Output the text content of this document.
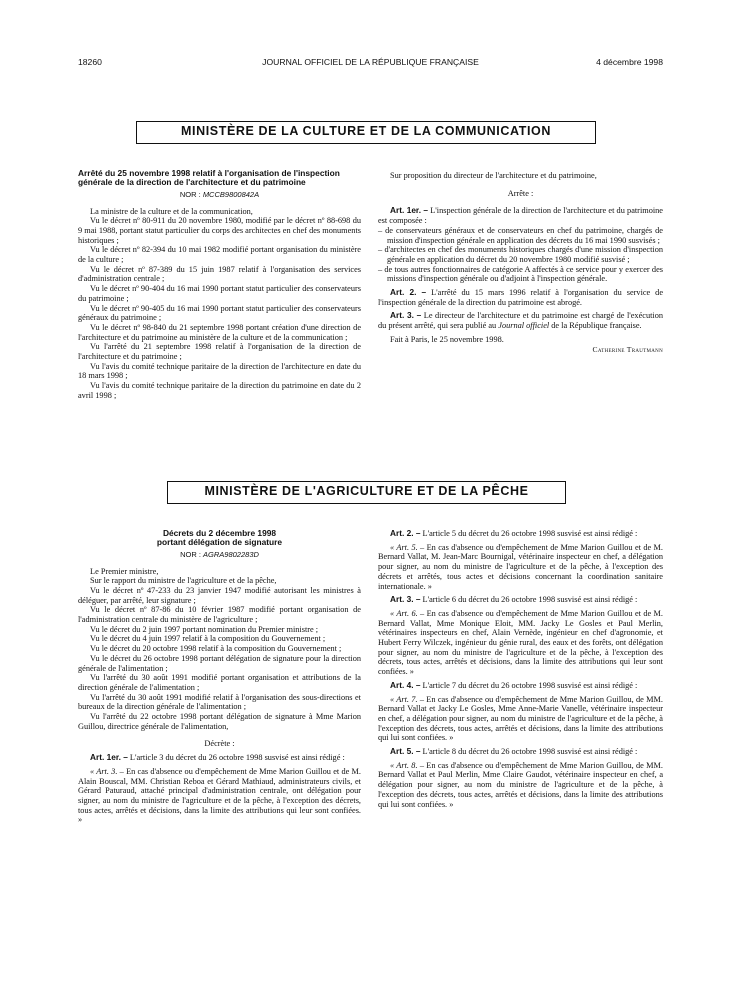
18260	JOURNAL OFFICIEL DE LA RÉPUBLIQUE FRANÇAISE	4 décembre 1998
MINISTÈRE DE LA CULTURE ET DE LA COMMUNICATION

Arrêté du 25 novembre 1998 relatif à l'organisation de l'inspection générale de la direction de l'architecture et du patrimoine

NOR : MCCB9800842A

La ministre de la culture et de la communication,

Vu le décret nº 80-911 du 20 novembre 1980, modifié par le décret nº 88-698 du 9 mai 1988, portant statut particulier du corps des architectes en chef des monuments historiques ;

Vu le décret nº 82-394 du 10 mai 1982 modifié portant organisation du ministère de la culture ;

Vu le décret nº 87-389 du 15 juin 1987 relatif à l'organisation des services d'administration centrale ;

Vu le décret nº 90-404 du 16 mai 1990 portant statut particulier des conservateurs du patrimoine ;

Vu le décret nº 90-405 du 16 mai 1990 portant statut particulier des conservateurs généraux du patrimoine ;

Vu le décret nº 98-840 du 21 septembre 1998 portant création d'une direction de l'architecture et du patrimoine au ministère de la culture et de la communication ;

Vu l'arrêté du 21 septembre 1998 relatif à l'organisation de la direction de l'architecture et du patrimoine ;

Vu l'avis du comité technique paritaire de la direction de l'architecture en date du 18 mars 1998 ;

Vu l'avis du comité technique paritaire de la direction du patrimoine en date du 2 avril 1998 ;

Sur proposition du directeur de l'architecture et du patrimoine,

Arrête :

Art. 1er. – L'inspection générale de la direction de l'architecture et du patrimoine est composée :

– de conservateurs généraux et de conservateurs en chef du patrimoine, chargés de mission d'inspection générale en application des décrets du 16 mai 1990 susvisés ;

– d'architectes en chef des monuments historiques chargés d'une mission d'inspection générale en application du décret du 20 novembre 1980 modifié susvisé ;

– de tous autres fonctionnaires de catégorie A affectés à ce service pour y exercer des missions d'inspection générale ou d'adjoint à l'inspection générale.

Art. 2. – L'arrêté du 15 mars 1996 relatif à l'organisation du service de l'inspection générale de la direction du patrimoine est abrogé.

Art. 3. – Le directeur de l'architecture et du patrimoine est chargé de l'exécution du présent arrêté, qui sera publié au Journal officiel de la République française.

Fait à Paris, le 25 novembre 1998.

Catherine Trautmann

MINISTÈRE DE L'AGRICULTURE ET DE LA PÊCHE

Décrets du 2 décembre 1998

portant délégation de signature

NOR : AGRA9802283D

Le Premier ministre,

Sur le rapport du ministre de l'agriculture et de la pêche,

Vu le décret nº 47-233 du 23 janvier 1947 modifié autorisant les ministres à déléguer, par arrêté, leur signature ;

Vu le décret nº 87-86 du 10 février 1987 modifié portant organisation de l'administration centrale du ministère de l'agriculture ;

Vu le décret du 2 juin 1997 portant nomination du Premier ministre ;

Vu le décret du 4 juin 1997 relatif à la composition du Gouvernement ;

Vu le décret du 20 octobre 1998 relatif à la composition du Gouvernement ;

Vu le décret du 26 octobre 1998 portant délégation de signature pour la direction générale de l'alimentation ;

Vu l'arrêté du 30 août 1991 modifié portant organisation et attributions de la direction générale de l'alimentation ;

Vu l'arrêté du 30 août 1991 modifié relatif à l'organisation des sous-directions et bureaux de la direction générale de l'alimentation ;

Vu l'arrêté du 22 octobre 1998 portant délégation de signature à Mme Marion Guillou, directrice générale de l'alimentation,

Décrète :

Art. 1er. – L'article 3 du décret du 26 octobre 1998 susvisé est ainsi rédigé :

« Art. 3. – En cas d'absence ou d'empêchement de Mme Marion Guillou et de M. Alain Bouscal, MM. Christian Reboa et Gérard Mathiaud, administrateurs civils, et Gérard Paturaud, attaché principal d'administration centrale, ont délégation pour signer, au nom du ministre de l'agriculture et de la pêche, à l'exception des décrets, tous actes, arrêtés et décisions, dans la limite des attributions qui leur sont confiées. »

Art. 2. – L'article 5 du décret du 26 octobre 1998 susvisé est ainsi rédigé :

« Art. 5. – En cas d'absence ou d'empêchement de Mme Marion Guillou et de M. Bernard Vallat, M. Jean-Marc Bournigal, vétérinaire inspecteur en chef, a délégation pour signer, au nom du ministre de l'agriculture et de la pêche, à l'exception des décrets et arrêtés, tous actes et décisions concernant la coordination sanitaire internationale. »

Art. 3. – L'article 6 du décret du 26 octobre 1998 susvisé est ainsi rédigé :

« Art. 6. – En cas d'absence ou d'empêchement de Mme Marion Guillou et de M. Bernard Vallat, Mme Monique Eloit, MM. Jacky Le Gosles et Paul Merlin, vétérinaires inspecteurs en chef, Alain Vernède, ingénieur en chef d'agronomie, et Hubert Ferry Wilczek, ingénieur du génie rural, des eaux et des forêts, ont délégation pour signer, au nom du ministre de l'agriculture et de la pêche, à l'exception des décrets, tous actes, arrêtés et décisions, dans la limite des attributions qui leur sont confiées. »

Art. 4. – L'article 7 du décret du 26 octobre 1998 susvisé est ainsi rédigé :

« Art. 7. – En cas d'absence ou d'empêchement de Mme Marion Guillou, de MM. Bernard Vallat et Jacky Le Gosles, Mme Anne-Marie Vanelle, vétérinaire inspecteur en chef, a délégation pour signer, au nom du ministre de l'agriculture et de la pêche, à l'exception des décrets, tous actes, arrêtés et décisions, dans la limite des attributions qui lui sont confiées. »

Art. 5. – L'article 8 du décret du 26 octobre 1998 susvisé est ainsi rédigé :

« Art. 8. – En cas d'absence ou d'empêchement de Mme Marion Guillou, de MM. Bernard Vallat et Paul Merlin, Mme Claire Gaudot, vétérinaire inspecteur en chef, a délégation pour signer, au nom du ministre de l'agriculture et de la pêche, à l'exception des décrets, tous actes, arrêtés et décisions, dans la limite des attributions qui lui sont confiées. »
